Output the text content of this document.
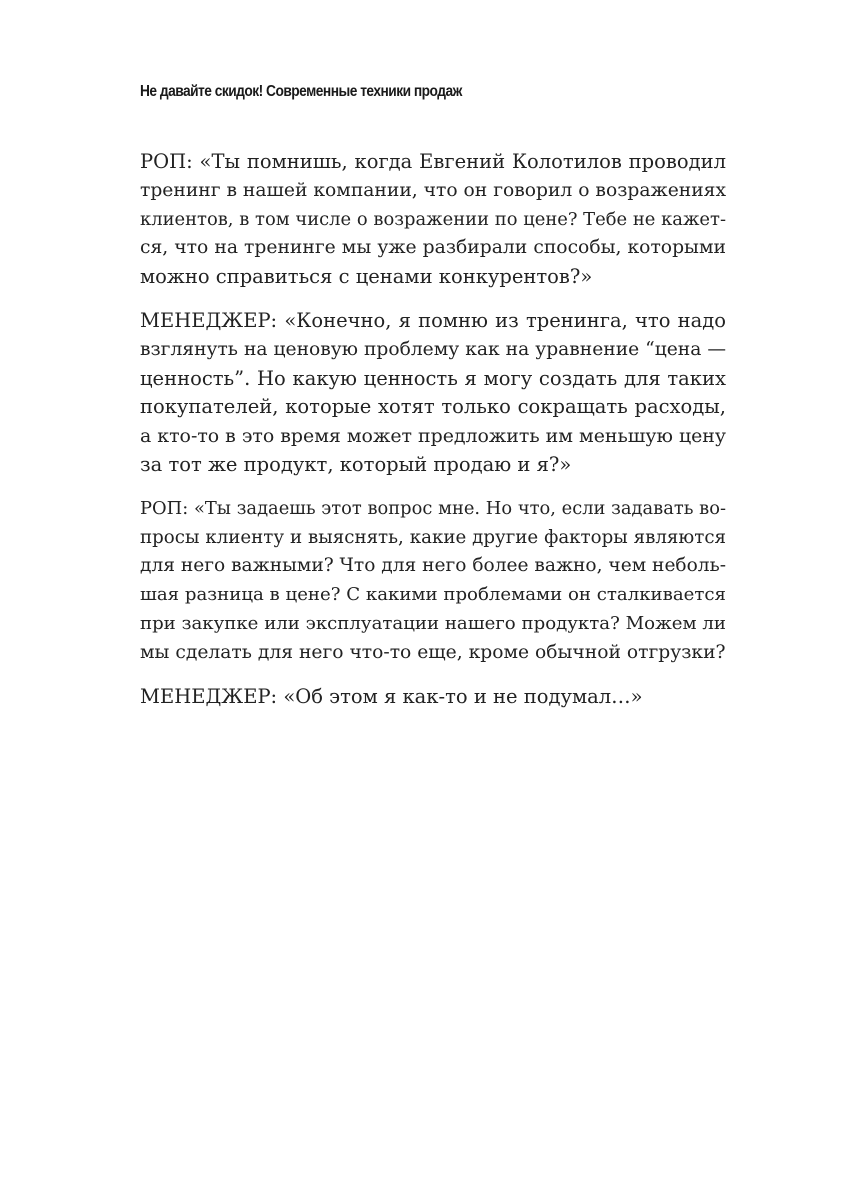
Не давайте скидок! Современные техники продаж

РОП: «Ты помнишь, когда Евгений Колотилов проводил
тренинг в нашей компании, что он говорил о возражениях
клиентов, в том числе о возражении по цене? Тебе не кажет-
ся, что на тренинге мы уже разбирали способы, которыми
можно справиться с ценами конкурентов?»

МЕНЕДЖЕР: «Конечно, я помню из тренинга, что надо
взглянуть на ценовую проблему как на уравнение “цена —
ценность”. Но какую ценность я могу создать для таких
покупателей, которые хотят только сокращать расходы,
а кто-то в это время может предложить им меньшую цену
за тот же продукт, который продаю и я?»

РОП: «Ты задаешь этот вопрос мне. Но что, если задавать во-
просы клиенту и выяснять, какие другие факторы являются
для него важными? Что для него более важно, чем неболь-
шая разница в цене? С какими проблемами он сталкивается
при закупке или эксплуатации нашего продукта? Можем ли
мы сделать для него что-то еще, кроме обычной отгрузки?

МЕНЕДЖЕР: «Об этом я как-то и не подумал…»
